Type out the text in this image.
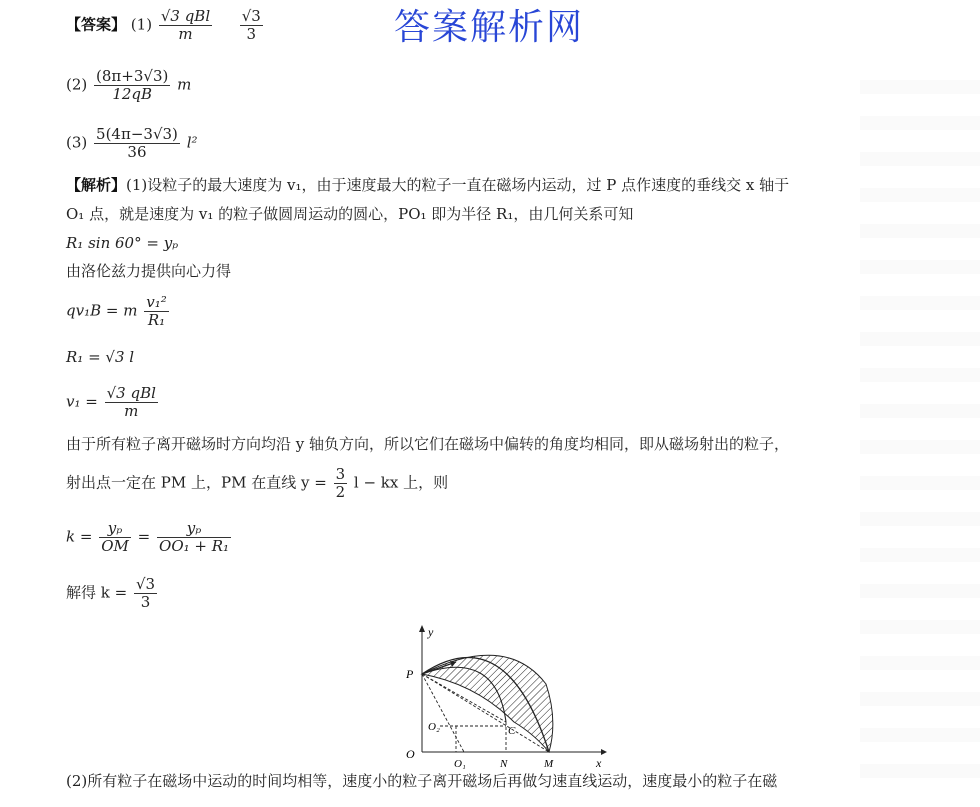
答案解析网
【答案】 $(1) \frac{\text{√3 qBl}}{m}$
$\frac{√3}{3}$
$(2) \frac{(8\pi+3√3)}{12qB}$ m
$(3) \frac{5(4\pi-3√3)}{36} l^2$
【解析】(1)设粒子的最大速度为 v₁，由于速度最大的粒子一直在磁场内运动，过 P 点作速度的垂线交 x 轴于
O₁ 点，就是速度为 v₁ 的粒子做圆周运动的圆心，PO₁ 即为半径 R₁，由几何关系可知
R₁ sin 60° = yₚ
由洛伦兹力提供向心力得
qv₁B = m $\frac{\text{v₁²}}{\text{R₁}}$
R₁ = √3 l
$v_1 = \frac{\text{√3 qBl}}{m}$
由于所有粒子离开磁场时方向均沿 y 轴负方向，所以它们在磁场中偏转的角度均相同，即从磁场射出的粒子，
射出点一定在 PM 上，PM 在直线 $y = \frac{3}{2}$ l − kx 上，则
$k = \frac{\text{yₚ}}{OM} = \frac{\text{yₚ}}{\text{OO₁ + R₁}}$
解得 $k = \frac{√3}{3}$
y
x
P
O
O₂	C
O₁	N	M
(2)所有粒子在磁场中运动的时间均相等，速度小的粒子离开磁场后再做匀速直线运动，速度最小的粒子在磁
